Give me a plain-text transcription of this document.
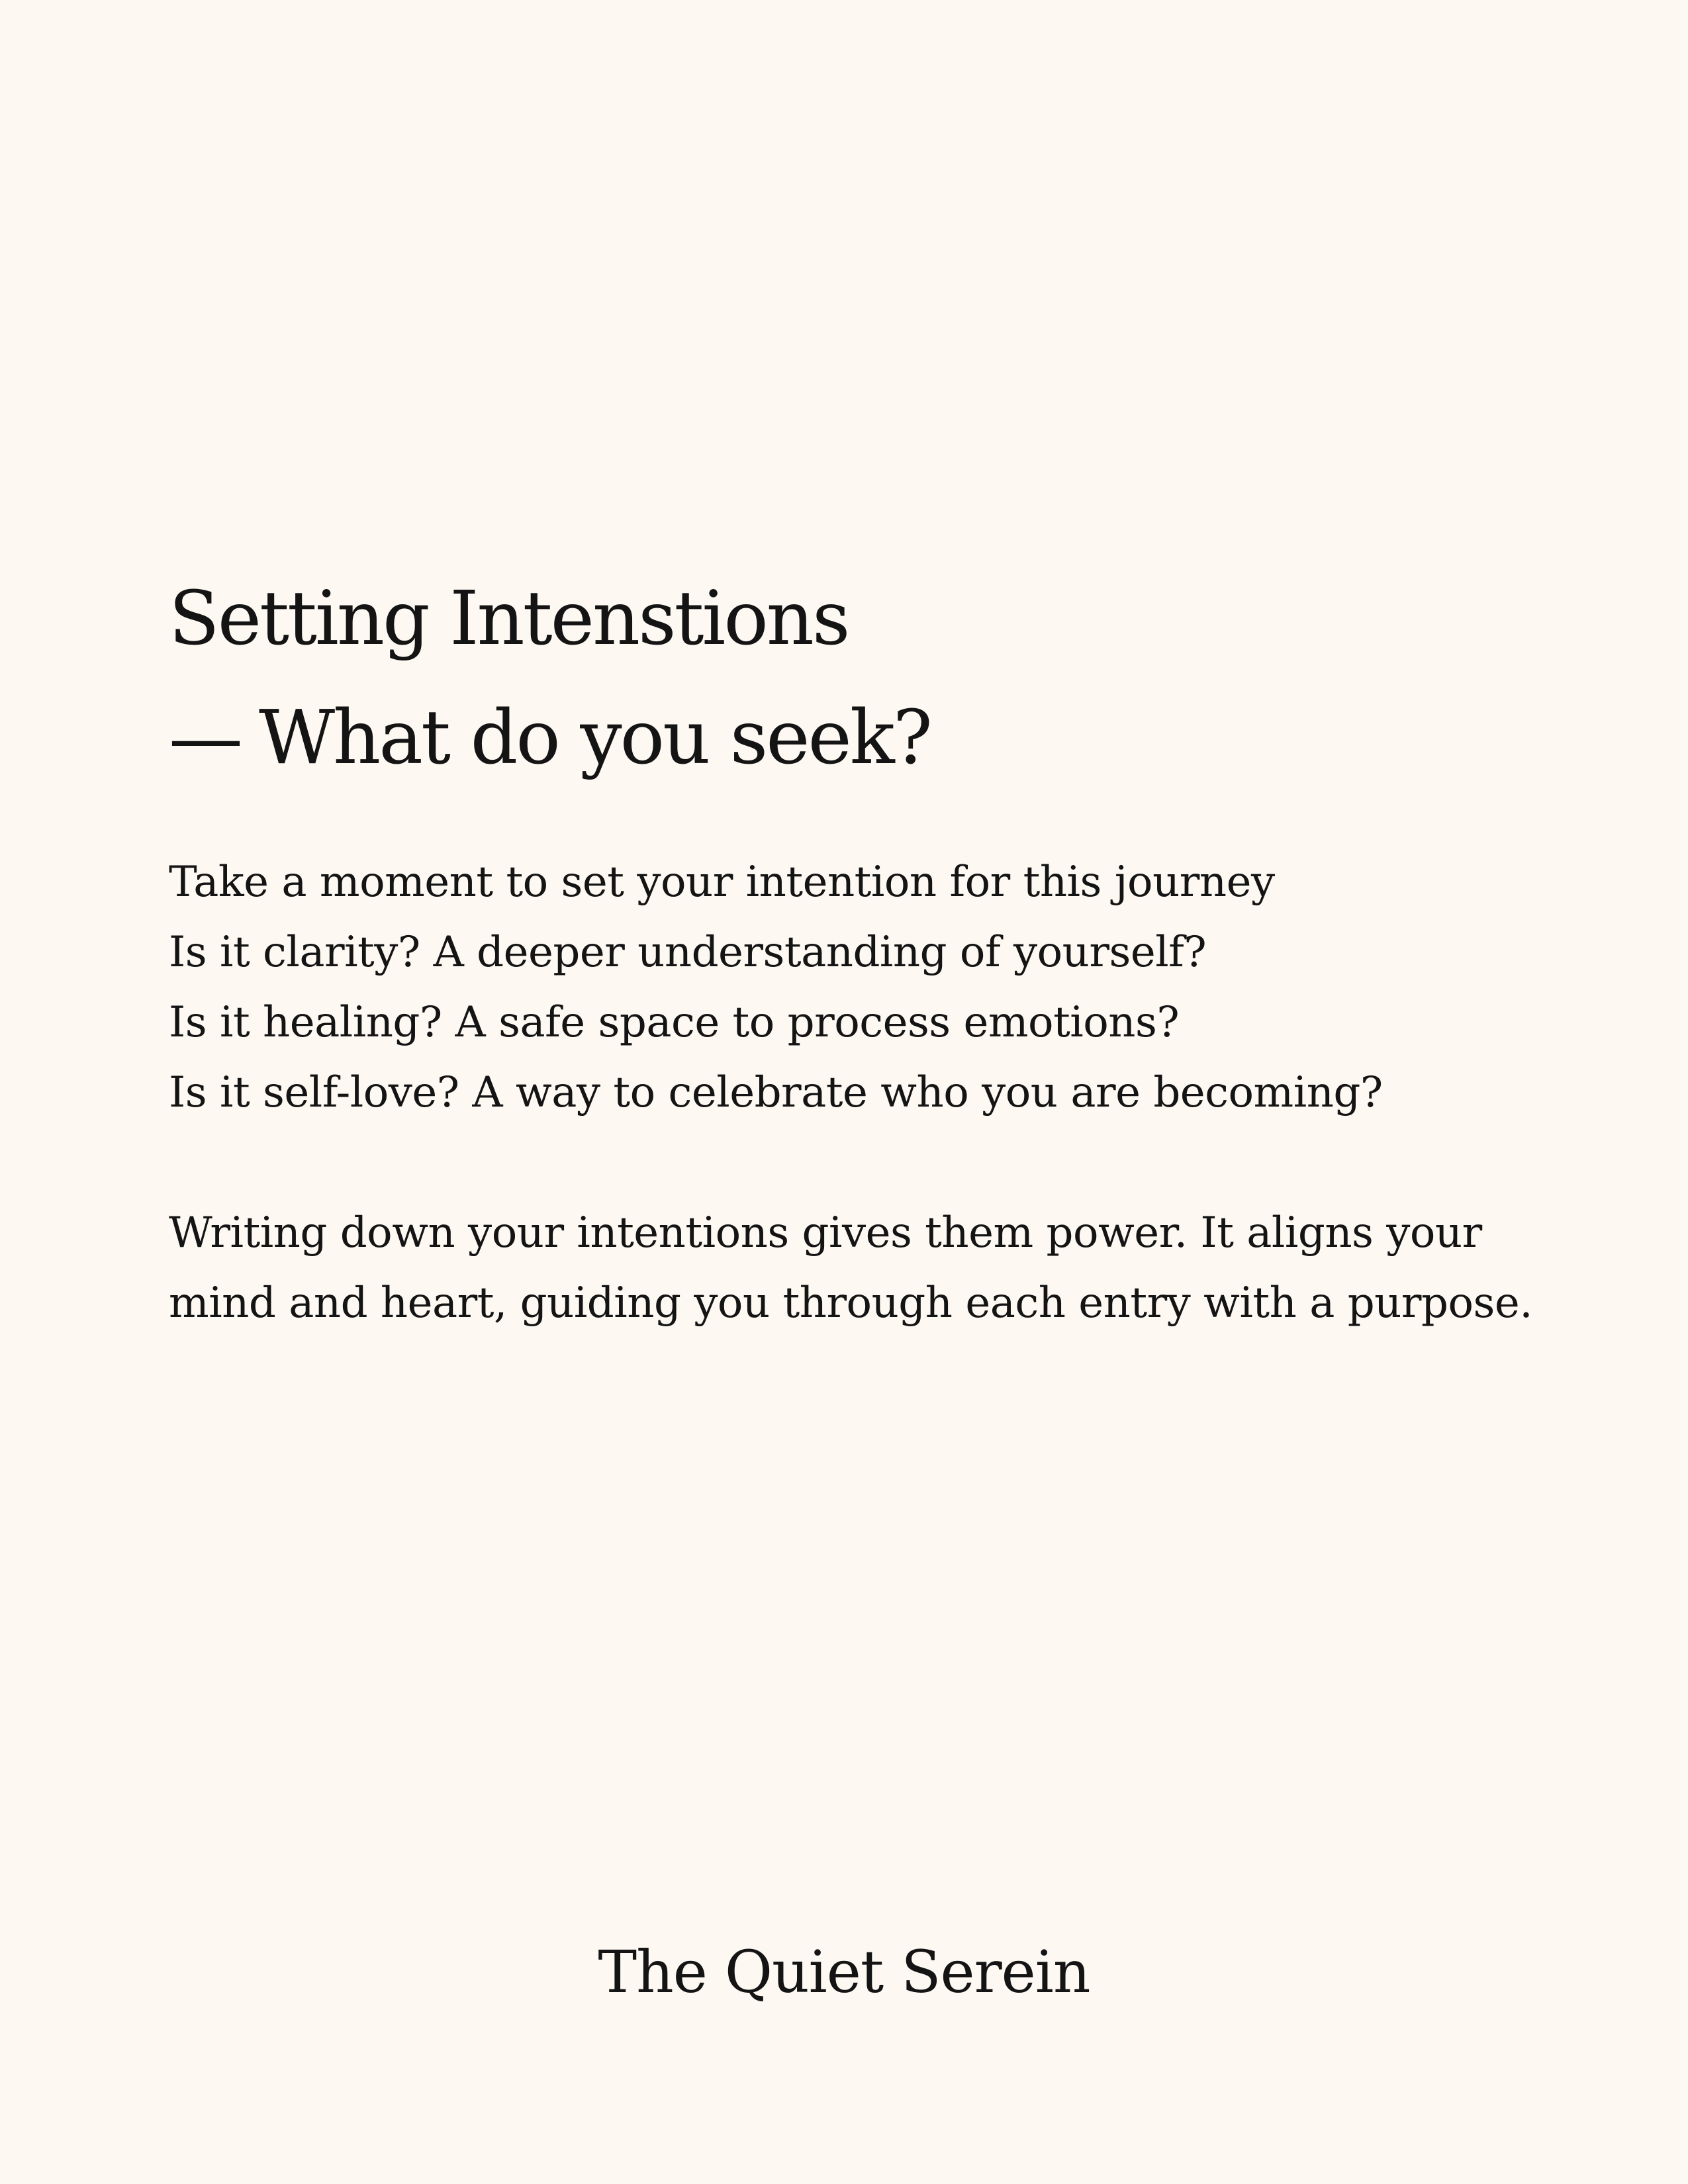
Setting Intenstions
— What do you seek?

Take a moment to set your intention for this journey
Is it clarity? A deeper understanding of yourself?
Is it healing? A safe space to process emotions?
Is it self-love? A way to celebrate who you are becoming?

Writing down your intentions gives them power. It aligns your
mind and heart, guiding you through each entry with a purpose.

The Quiet Serein
